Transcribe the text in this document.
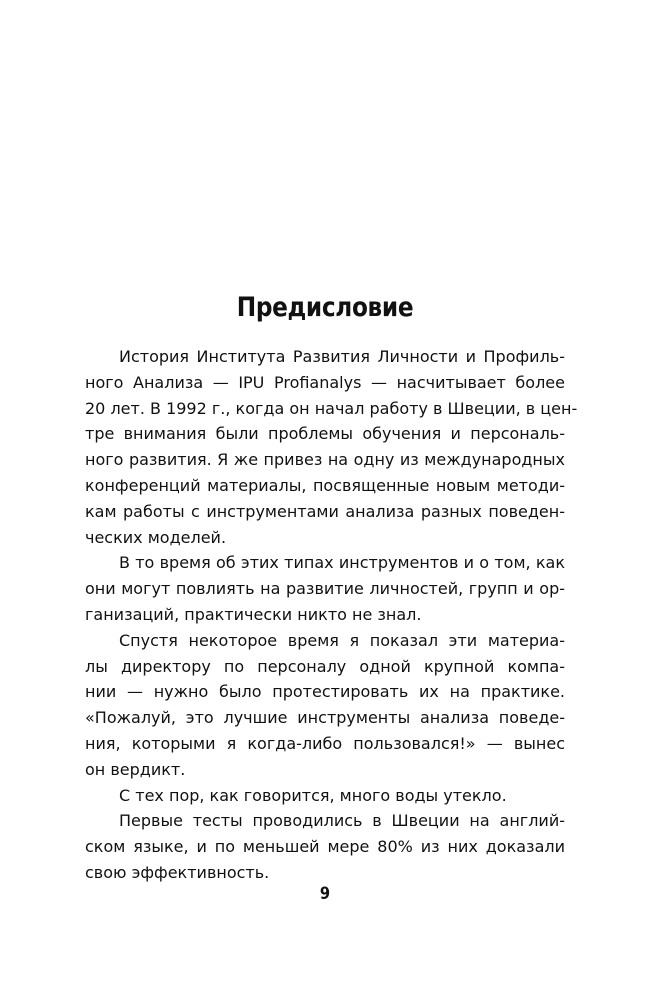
Предисловие

История Института Развития Личности и Профиль-
ного Анализа — IPU Profianalys — насчитывает более
20 лет. В 1992 г., когда он начал работу в Швеции, в цен-
тре внимания были проблемы обучения и персональ-
ного развития. Я же привез на одну из международных
конференций материалы, посвященные новым методи-
кам работы с инструментами анализа разных поведен-
ческих моделей.

В то время об этих типах инструментов и о том, как
они могут повлиять на развитие личностей, групп и ор-
ганизаций, практически никто не знал.

Спустя некоторое время я показал эти материа-
лы директору по персоналу одной крупной компа-
нии — нужно было протестировать их на практике.
«Пожалуй, это лучшие инструменты анализа поведе-
ния, которыми я когда-либо пользовался!» — вынес
он вердикт.

С тех пор, как говорится, много воды утекло.

Первые тесты проводились в Швеции на англий-
ском языке, и по меньшей мере 80% из них доказали
свою эффективность.

9
